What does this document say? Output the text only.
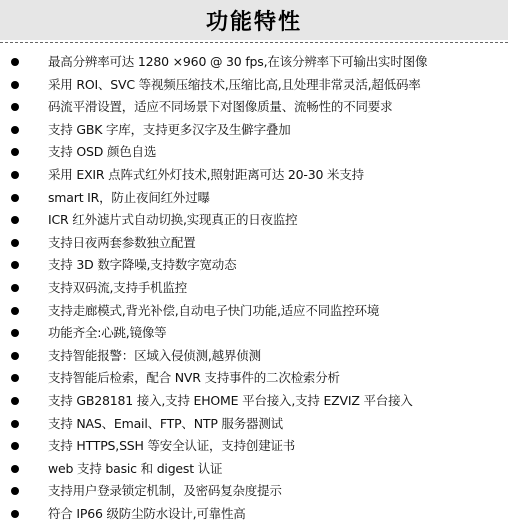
功能特性
最高分辨率可达 1280 ×960 @ 30 fps,在该分辨率下可输出实时图像
采用 ROI、SVC 等视频压缩技术,压缩比高,且处理非常灵活,超低码率
码流平滑设置，适应不同场景下对图像质量、流畅性的不同要求
支持 GBK 字库，支持更多汉字及生僻字叠加
支持 OSD 颜色自选
采用 EXIR 点阵式红外灯技术,照射距离可达 20-30 米支持
smart IR，防止夜间红外过曝
ICR 红外滤片式自动切换,实现真正的日夜监控
支持日夜两套参数独立配置
支持 3D 数字降噪,支持数字宽动态
支持双码流,支持手机监控
支持走廊模式,背光补偿,自动电子快门功能,适应不同监控环境
功能齐全:心跳,镜像等
支持智能报警：区域入侵侦测,越界侦测
支持智能后检索，配合 NVR 支持事件的二次检索分析
支持 GB28181 接入,支持 EHOME 平台接入,支持 EZVIZ 平台接入
支持 NAS、Email、FTP、NTP 服务器测试
支持 HTTPS,SSH 等安全认证，支持创建证书
web 支持 basic 和 digest 认证
支持用户登录锁定机制，及密码复杂度提示
符合 IP66 级防尘防水设计,可靠性高
